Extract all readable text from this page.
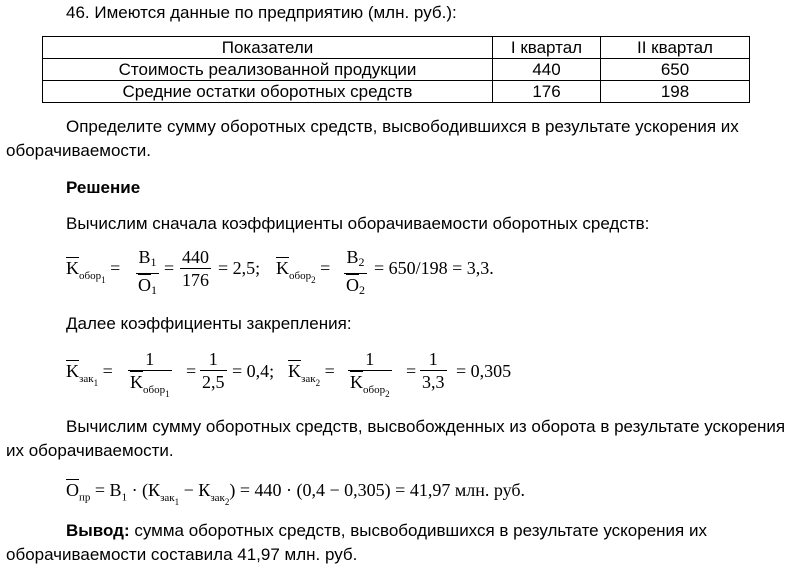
46. Имеются данные по предприятию (млн. руб.):
Показатели	I квартал	II квартал
Стоимость реализованной продукции	440	650
Средние остатки оборотных средств	176	198
Определите сумму оборотных средств, высвободившихся в результате ускорения их
оборачиваемости.
Решение
Вычислим сначала коэффициенты оборачиваемости оборотных средств:
$\overline{K}_{обор_1}$ =
В1
О1
= $\frac{440}{176} = 2,5$; $\overline{K}_{обор_2}$ =
В2
О2
= 650/198 = 3,3.
Далее коэффициенты закрепления:
$\overline{K}_{зак_1}$ =
1
$\overline{K}_{обор_1}$
= $\frac{1}{2,5} = 0,4$; $\overline{K}_{зак_2}$ =
1
$\overline{K}_{обор_2}$
= $\frac{1}{3,3} = 0,305$
Вычислим сумму оборотных средств, высвобожденных из оборота в результате ускорения
их оборачиваемости.
$О_{пр} = В_1 \cdot (К_{зак_1} - К_{зак_2}) = 440 \cdot (0,4 - 0,305) = 41,97$ млн. руб.
Вывод: сумма оборотных средств, высвободившихся в результате ускорения их
оборачиваемости составила 41,97 млн. руб.
